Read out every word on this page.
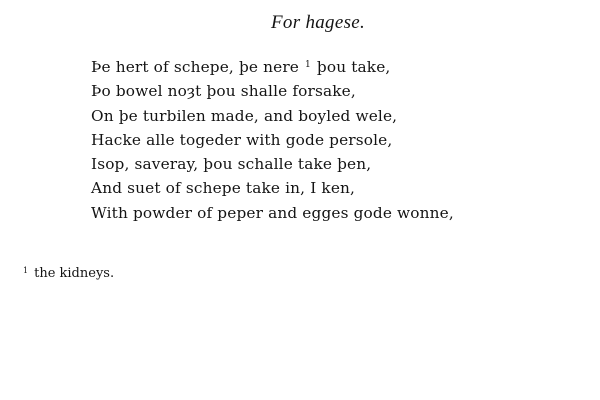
For hagese.
Þe hert of schepe, þe nere $^1$ þou take,
Þo bowel noȝt þou shalle forsake,
On þe turbilen made, and boyled wele,
Hacke alle togeder with gode persole,
Isop, saveray, þou schalle take þen,
And suet of schepe take in, I ken,
With powder of peper and egges gode wonne,
$^1$ the kidneys.
